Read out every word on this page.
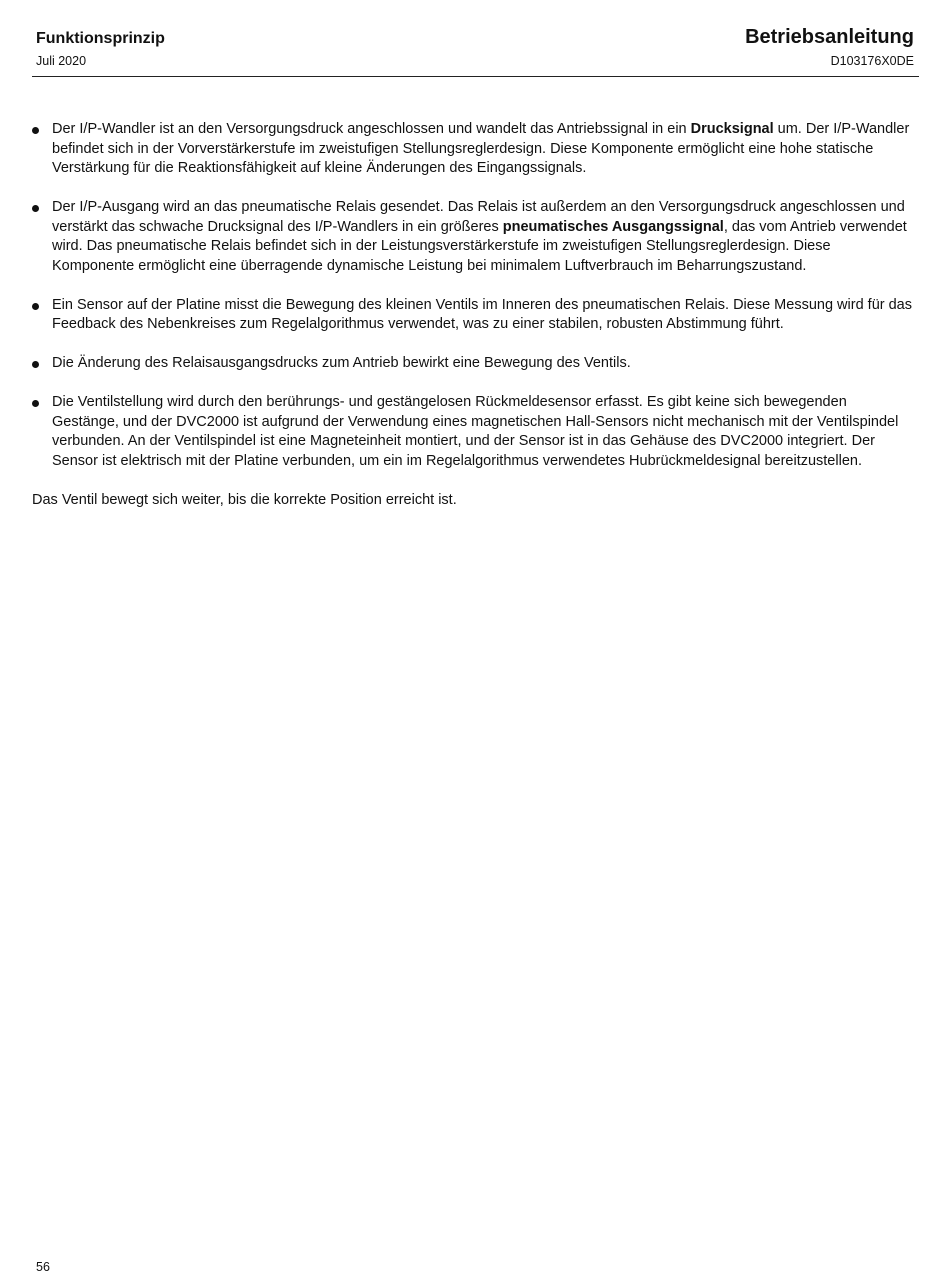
Funktionsprinzip
Juli 2020
Betriebsanleitung
D103176X0DE
Der I/P-Wandler ist an den Versorgungsdruck angeschlossen und wandelt das Antriebssignal in ein Drucksignal um. Der I/P-Wandler befindet sich in der Vorverstärkerstufe im zweistufigen Stellungsreglerdesign. Diese Komponente ermöglicht eine hohe statische Verstärkung für die Reaktionsfähigkeit auf kleine Änderungen des Eingangssignals.
Der I/P-Ausgang wird an das pneumatische Relais gesendet. Das Relais ist außerdem an den Versorgungsdruck angeschlossen und verstärkt das schwache Drucksignal des I/P-Wandlers in ein größeres pneumatisches Ausgangssignal, das vom Antrieb verwendet wird. Das pneumatische Relais befindet sich in der Leistungsverstärkerstufe im zweistufigen Stellungsreglerdesign. Diese Komponente ermöglicht eine überragende dynamische Leistung bei minimalem Luftverbrauch im Beharrungszustand.
Ein Sensor auf der Platine misst die Bewegung des kleinen Ventils im Inneren des pneumatischen Relais. Diese Messung wird für das Feedback des Nebenkreises zum Regelalgorithmus verwendet, was zu einer stabilen, robusten Abstimmung führt.
Die Änderung des Relaisausgangsdrucks zum Antrieb bewirkt eine Bewegung des Ventils.
Die Ventilstellung wird durch den berührungs- und gestängelosen Rückmeldesensor erfasst. Es gibt keine sich bewegenden Gestänge, und der DVC2000 ist aufgrund der Verwendung eines magnetischen Hall-Sensors nicht mechanisch mit der Ventilspindel verbunden. An der Ventilspindel ist eine Magneteinheit montiert, und der Sensor ist in das Gehäuse des DVC2000 integriert. Der Sensor ist elektrisch mit der Platine verbunden, um ein im Regelalgorithmus verwendetes Hubrückmeldesignal bereitzustellen.

Das Ventil bewegt sich weiter, bis die korrekte Position erreicht ist.

56
